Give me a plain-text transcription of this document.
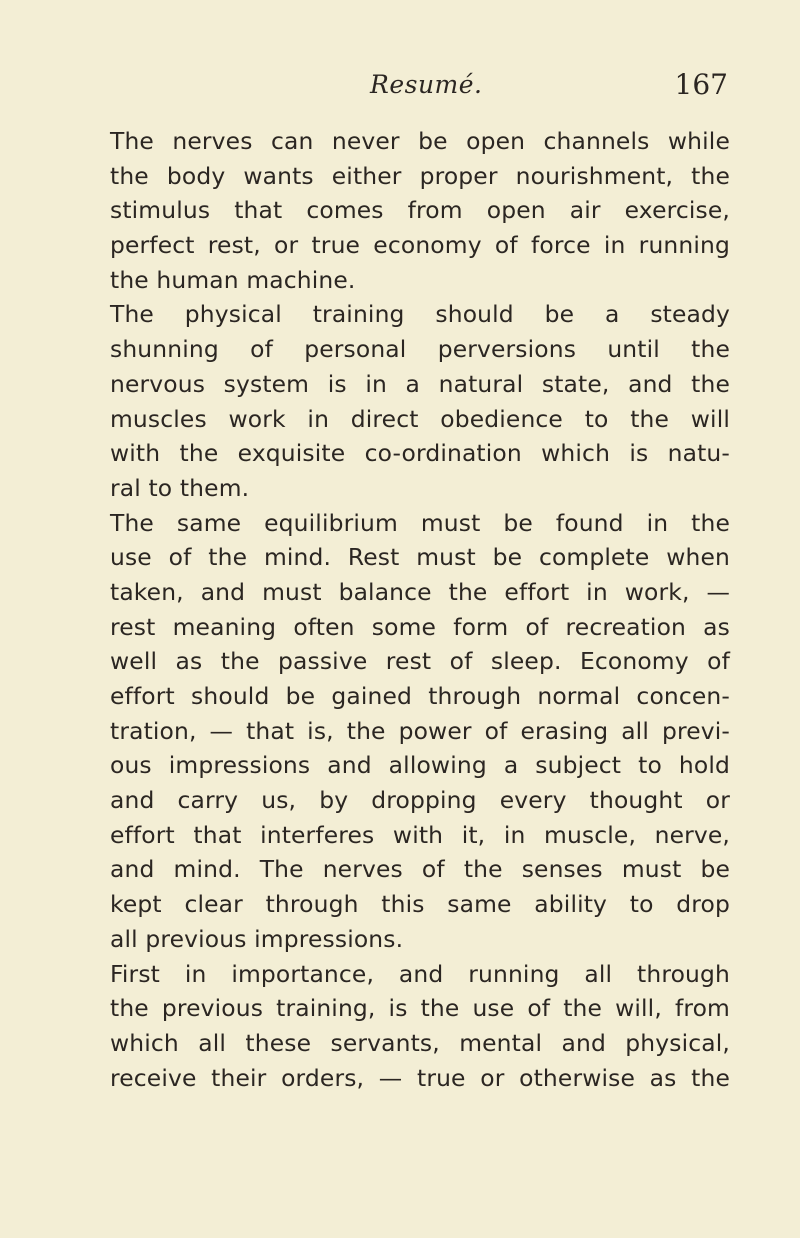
Resumé.	167
The nerves can never be open channels while
the body wants either proper nourishment, the
stimulus that comes from open air exercise,
perfect rest, or true economy of force in running
the human machine.
The physical training should be a steady
shunning of personal perversions until the
nervous system is in a natural state, and the
muscles work in direct obedience to the will
with the exquisite co-ordination which is natu-
ral to them.
The same equilibrium must be found in the
use of the mind. Rest must be complete when
taken, and must balance the effort in work, —
rest meaning often some form of recreation as
well as the passive rest of sleep. Economy of
effort should be gained through normal concen-
tration, — that is, the power of erasing all previ-
ous impressions and allowing a subject to hold
and carry us, by dropping every thought or
effort that interferes with it, in muscle, nerve,
and mind. The nerves of the senses must be
kept clear through this same ability to drop
all previous impressions.
First in importance, and running all through
the previous training, is the use of the will, from
which all these servants, mental and physical,
receive their orders, — true or otherwise as the
